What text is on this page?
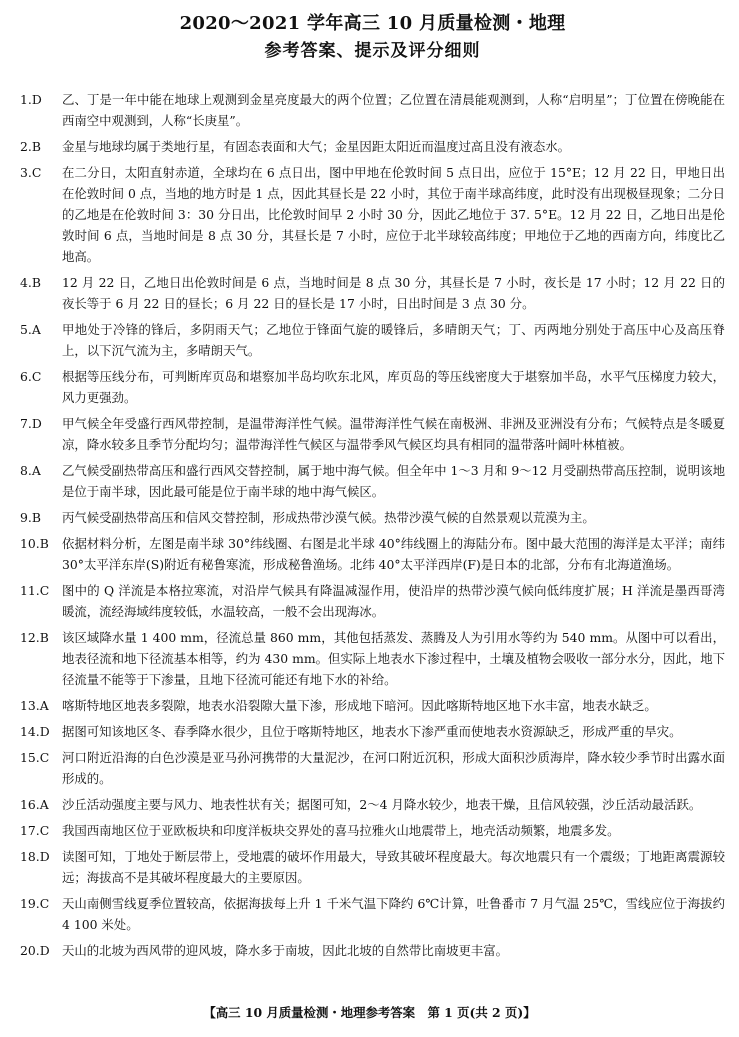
2020～2021 学年高三 10 月质量检测・地理
参考答案、提示及评分细则
1.D 乙、丁是一年中能在地球上观测到金星亮度最大的两个位置；乙位置在清晨能观测到，人称“启明星”；丁位置在傍晚能在西南空中观测到，人称“长庚星”。
2.B 金星与地球均属于类地行星，有固态表面和大气；金星因距太阳近而温度过高且没有液态水。
3.C 在二分日，太阳直射赤道，全球均在 6 点日出，图中甲地在伦敦时间 5 点日出，应位于 15°E；12 月 22 日，甲地日出在伦敦时间 0 点，当地的地方时是 1 点，因此其昼长是 22 小时，其位于南半球高纬度，此时没有出现极昼现象；二分日的乙地是在伦敦时间 3：30 分日出，比伦敦时间早 2 小时 30 分，因此乙地位于 37. 5°E。12 月 22 日，乙地日出是伦敦时间 6 点，当地时间是 8 点 30 分，其昼长是 7 小时，应位于北半球较高纬度；甲地位于乙地的西南方向，纬度比乙地高。
4.B 12 月 22 日，乙地日出伦敦时间是 6 点，当地时间是 8 点 30 分，其昼长是 7 小时，夜长是 17 小时；12 月 22 日的夜长等于 6 月 22 日的昼长；6 月 22 日的昼长是 17 小时，日出时间是 3 点 30 分。
5.A 甲地处于冷锋的锋后，多阴雨天气；乙地位于锋面气旋的暖锋后，多晴朗天气；丁、丙两地分别处于高压中心及高压脊上，以下沉气流为主，多晴朗天气。
6.C 根据等压线分布，可判断库页岛和堪察加半岛均吹东北风，库页岛的等压线密度大于堪察加半岛，水平气压梯度力较大，风力更强劲。
7.D 甲气候全年受盛行西风带控制，是温带海洋性气候。温带海洋性气候在南极洲、非洲及亚洲没有分布；气候特点是冬暖夏凉，降水较多且季节分配均匀；温带海洋性气候区与温带季风气候区均具有相同的温带落叶阔叶林植被。
8.A 乙气候受副热带高压和盛行西风交替控制，属于地中海气候。但全年中 1～3 月和 9～12 月受副热带高压控制，说明该地是位于南半球，因此最可能是位于南半球的地中海气候区。
9.B 丙气候受副热带高压和信风交替控制，形成热带沙漠气候。热带沙漠气候的自然景观以荒漠为主。
10.B 依据材料分析，左图是南半球 30°纬线圈、右图是北半球 40°纬线圈上的海陆分布。图中最大范围的海洋是太平洋；南纬 30°太平洋东岸(S)附近有秘鲁寒流，形成秘鲁渔场。北纬 40°太平洋西岸(F)是日本的北部，分布有北海道渔场。
11.C 图中的 Q 洋流是本格拉寒流，对沿岸气候具有降温减湿作用，使沿岸的热带沙漠气候向低纬度扩展；H 洋流是墨西哥湾暖流，流经海域纬度较低，水温较高，一般不会出现海冰。
12.B 该区域降水量 1 400 mm，径流总量 860 mm，其他包括蒸发、蒸腾及人为引用水等约为 540 mm。从图中可以看出，地表径流和地下径流基本相等，约为 430 mm。但实际上地表水下渗过程中，土壤及植物会吸收一部分水分，因此，地下径流量不能等于下渗量，且地下径流可能还有地下水的补给。
13.A 喀斯特地区地表多裂隙，地表水沿裂隙大量下渗，形成地下暗河。因此喀斯特地区地下水丰富，地表水缺乏。
14.D 据图可知该地区冬、春季降水很少，且位于喀斯特地区，地表水下渗严重而使地表水资源缺乏，形成严重的旱灾。
15.C 河口附近沿海的白色沙漠是亚马孙河携带的大量泥沙，在河口附近沉积，形成大面积沙质海岸，降水较少季节时出露水面形成的。
16.A 沙丘活动强度主要与风力、地表性状有关；据图可知，2～4 月降水较少，地表干燥，且信风较强，沙丘活动最活跃。
17.C 我国西南地区位于亚欧板块和印度洋板块交界处的喜马拉雅火山地震带上，地壳活动频繁，地震多发。
18.D 读图可知，丁地处于断层带上，受地震的破坏作用最大，导致其破坏程度最大。每次地震只有一个震级；丁地距离震源较远；海拔高不是其破坏程度最大的主要原因。
19.C 天山南侧雪线夏季位置较高，依据海拔每上升 1 千米气温下降约 6℃计算，吐鲁番市 7 月气温 25℃，雪线应位于海拔约 4 100 米处。
20.D 天山的北坡为西风带的迎风坡，降水多于南坡，因此北坡的自然带比南坡更丰富。
【高三 10 月质量检测・地理参考答案　第 1 页(共 2 页)】
